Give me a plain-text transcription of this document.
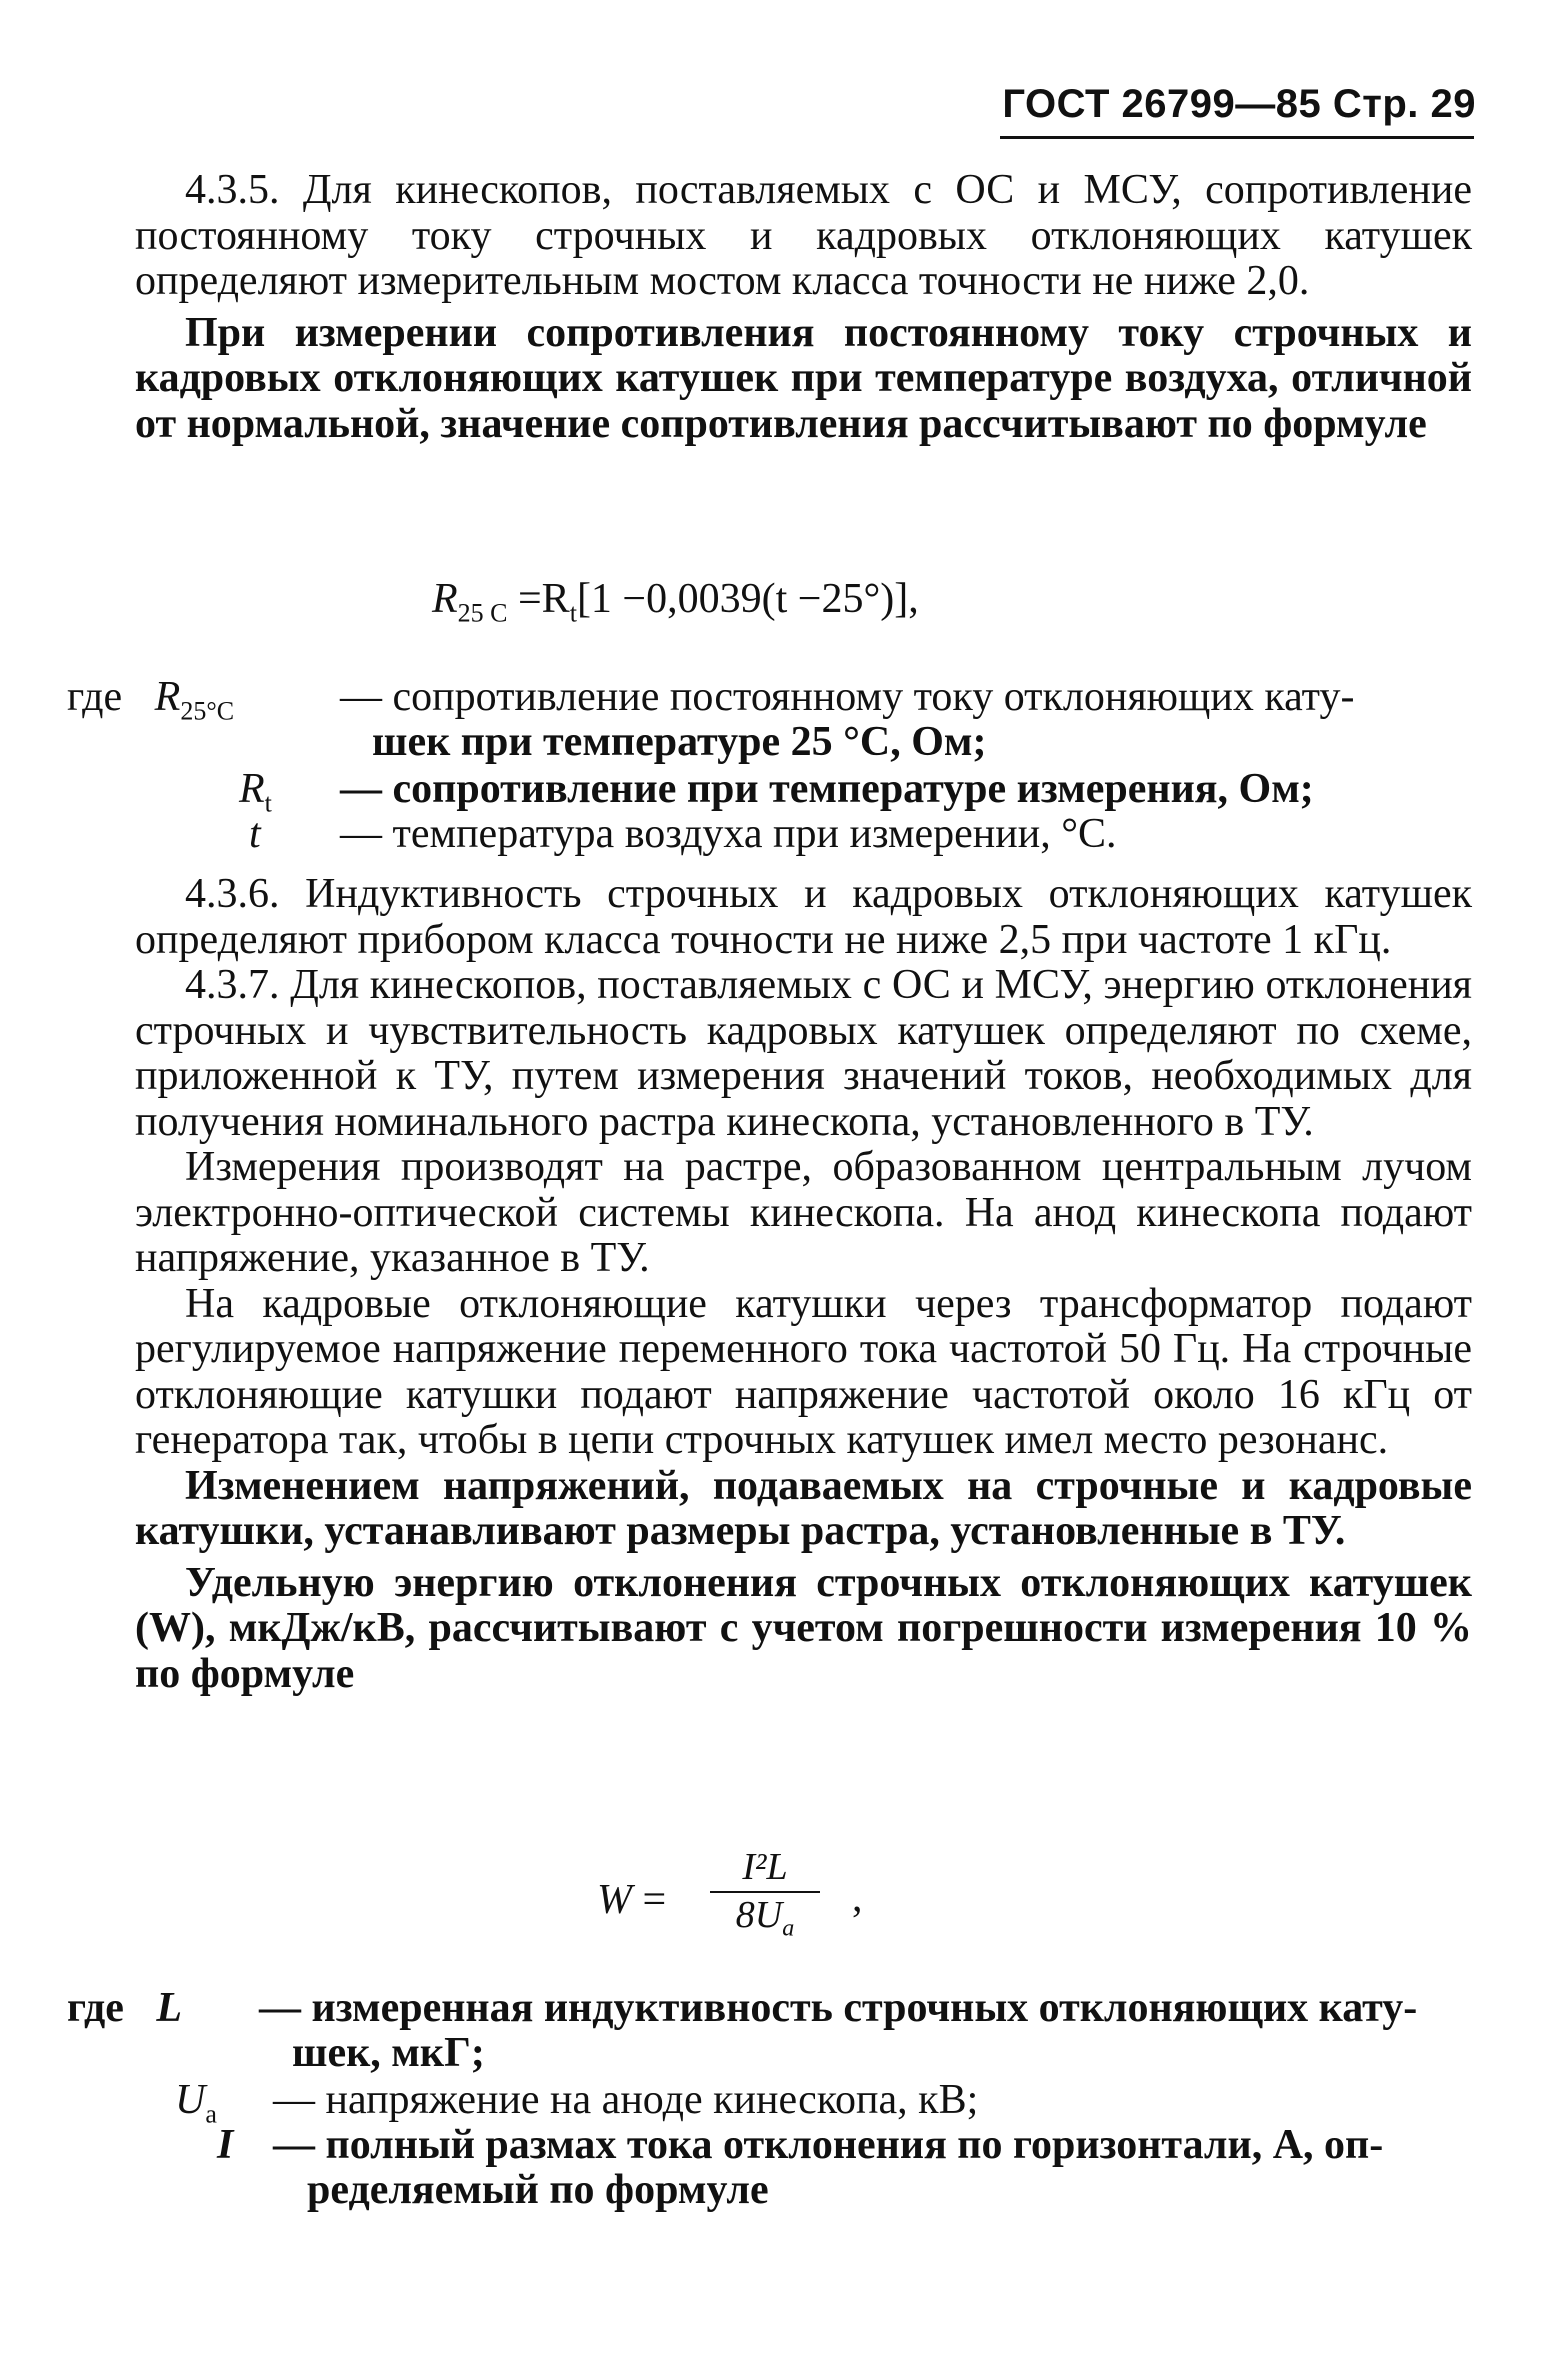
ГОСТ 26799—85 Стр. 29

4.3.5. Для кинескопов, поставляемых с ОС и МСУ, сопротивление постоянному току строчных и кадровых отклоняющих катушек определяют измерительным мостом класса точности не ниже 2,0.

При измерении сопротивления постоянному току строчных и кадровых отклоняющих катушек при температуре воздуха, отличной от нормальной, значение сопротивления рассчитывают по формуле

$R_{25 С} =R_t[1 -0,0039(t -25^\circ)]$,
где $R_{25^\circ С}$	— сопротивление постоянному току отклоняющих кату-
шек при температуре 25 °С, Ом;
$R_t$ — сопротивление при температуре измерения, Ом;
t — температура воздуха при измерении, °С.

4.3.6. Индуктивность строчных и кадровых отклоняющих катушек определяют прибором класса точности не ниже 2,5 при частоте 1 кГц.

4.3.7. Для кинескопов, поставляемых с ОС и МСУ, энергию отклонения строчных и чувствительность кадровых катушек определяют по схеме, приложенной к ТУ, путем измерения значений токов, необходимых для получения номинального растра кинескопа, установленного в ТУ.

Измерения производят на растре, образованном центральным лучом электронно-оптической системы кинескопа. На анод кинескопа подают напряжение, указанное в ТУ.

На кадровые отклоняющие катушки через трансформатор подают регулируемое напряжение переменного тока частотой 50 Гц. На строчные отклоняющие катушки подают напряжение частотой около 16 кГц от генератора так, чтобы в цепи строчных катушек имел место резонанс.

Изменением напряжений, подаваемых на строчные и кадровые катушки, устанавливают размеры растра, установленные в ТУ.

Удельную энергию отклонения строчных отклоняющих катушек (W), мкДж/кВ, рассчитывают с учетом погрешности измерения 10 % по формуле

W =
I²L
$8U_a$
,
где L — измеренная индуктивность строчных отклоняющих кату-
шек, мкГ;
$U_a$ — напряжение на аноде кинескопа, кВ;
I — полный размах тока отклонения по горизонтали, А, оп-
ределяемый по формуле
